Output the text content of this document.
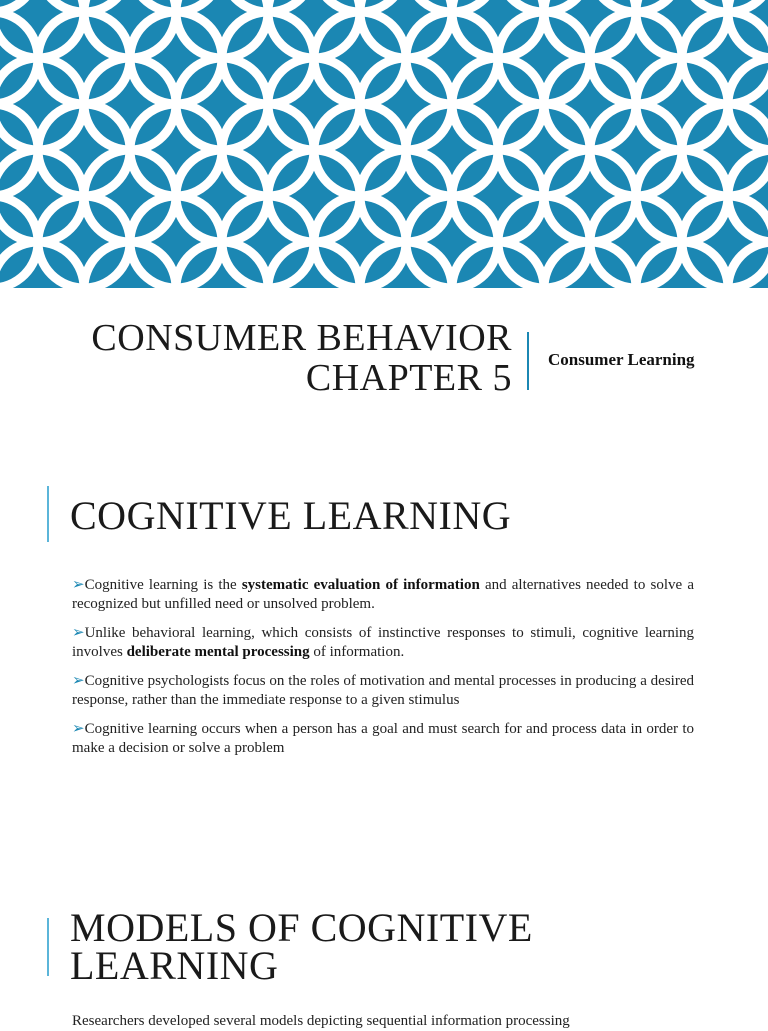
CONSUMER BEHAVIOR
CHAPTER 5 Consumer Learning
COGNITIVE LEARNING

➢Cognitive learning is the systematic evaluation of information and alternatives needed to solve a recognized but unfilled need or unsolved problem.

➢Unlike behavioral learning, which consists of instinctive responses to stimuli, cognitive learning involves deliberate mental processing of information.

➢Cognitive psychologists focus on the roles of motivation and mental processes in producing a desired response, rather than the immediate response to a given stimulus

➢Cognitive learning occurs when a person has a goal and must search for and process data in order to make a decision or solve a problem

MODELS OF COGNITIVE
LEARNING
Researchers developed several models depicting sequential information processing
